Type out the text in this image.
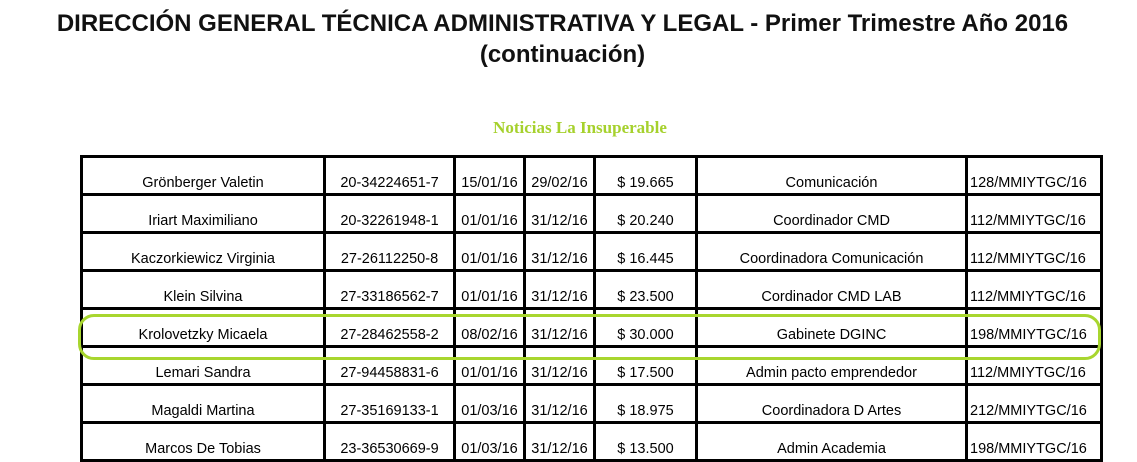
DIRECCIÓN GENERAL TÉCNICA ADMINISTRATIVA Y LEGAL - Primer Trimestre Año 2016
(continuación)
Noticias La Insuperable
Grönberger Valetin	20-34224651-7	15/01/16	29/02/16	$ 19.665	Comunicación	128/MMIYTGC/16
Iriart Maximiliano	20-32261948-1	01/01/16	31/12/16	$ 20.240	Coordinador CMD	112/MMIYTGC/16
Kaczorkiewicz Virginia	27-26112250-8	01/01/16	31/12/16	$ 16.445	Coordinadora Comunicación	112/MMIYTGC/16
Klein Silvina	27-33186562-7	01/01/16	31/12/16	$ 23.500	Cordinador CMD LAB	112/MMIYTGC/16
Krolovetzky Micaela	27-28462558-2	08/02/16	31/12/16	$ 30.000	Gabinete DGINC	198/MMIYTGC/16
Lemari Sandra	27-94458831-6	01/01/16	31/12/16	$ 17.500	Admin pacto emprendedor	112/MMIYTGC/16
Magaldi Martina	27-35169133-1	01/03/16	31/12/16	$ 18.975	Coordinadora D Artes	212/MMIYTGC/16
Marcos De Tobias	23-36530669-9	01/03/16	31/12/16	$ 13.500	Admin Academia	198/MMIYTGC/16
